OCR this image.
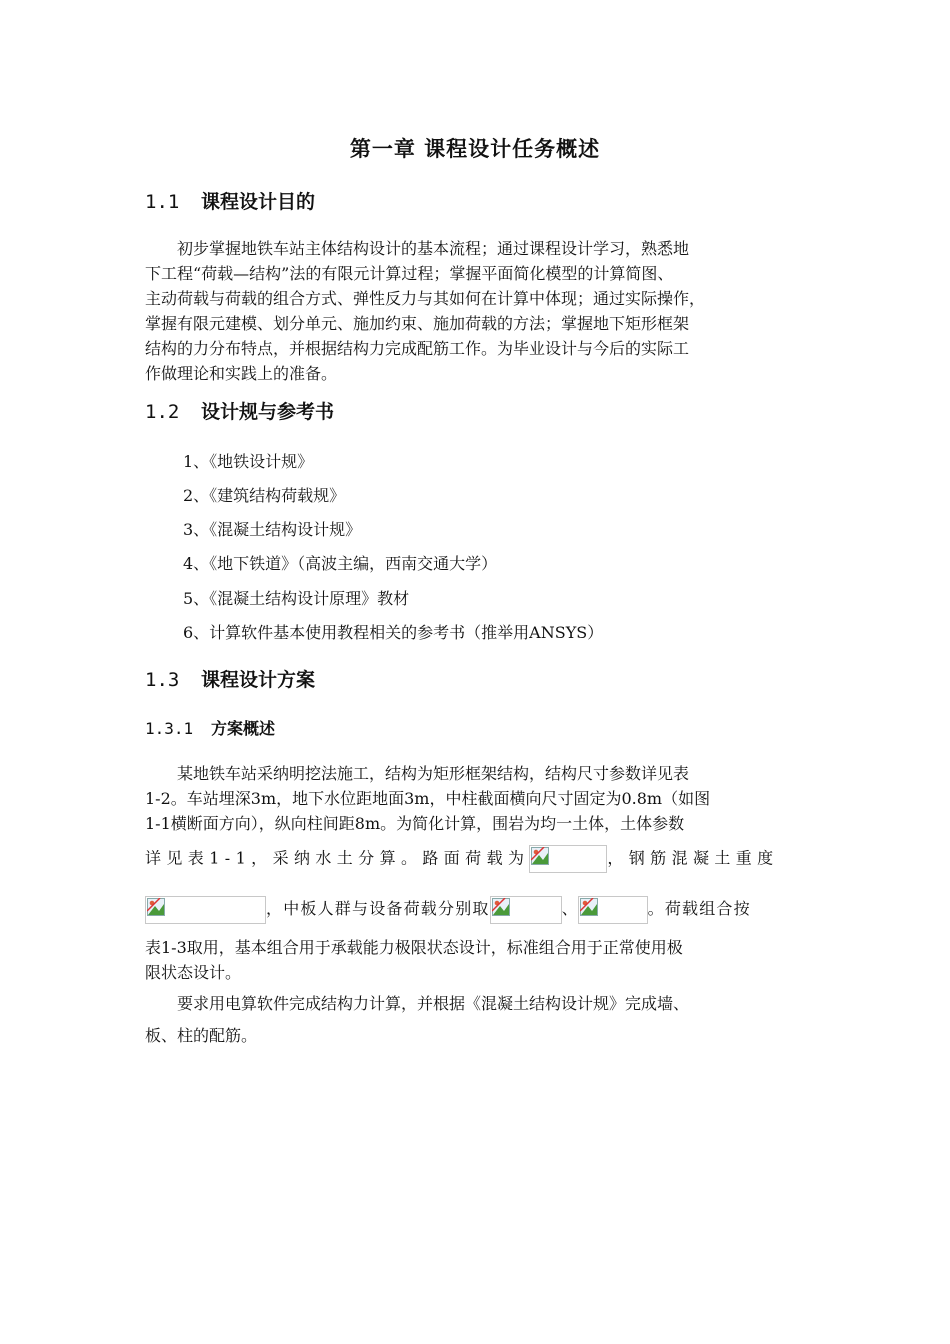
第一章 课程设计任务概述
1.1 课程设计目的
　　初步掌握地铁车站主体结构设计的基本流程；通过课程设计学习，熟悉地
下工程“荷载—结构”法的有限元计算过程；掌握平面简化模型的计算简图、
主动荷载与荷载的组合方式、弹性反力与其如何在计算中体现；通过实际操作，
掌握有限元建模、划分单元、施加约束、施加荷载的方法；掌握地下矩形框架
结构的力分布特点，并根据结构力完成配筋工作。为毕业设计与今后的实际工
作做理论和实践上的准备。
1.2 设计规与参考书
1、《地铁设计规》
2、《建筑结构荷载规》
3、《混凝土结构设计规》
4、《地下铁道》（高波主编，西南交通大学）
5、《混凝土结构设计原理》教材
6、计算软件基本使用教程相关的参考书（推举用ANSYS）
1.3 课程设计方案
1.3.1 方案概述
　　某地铁车站采纳明挖法施工，结构为矩形框架结构，结构尺寸参数详见表
1-2。车站埋深3m，地下水位距地面3m，中柱截面横向尺寸固定为0.8m（如图
1-1横断面方向），纵向柱间距8m。为简化计算，围岩为均一土体，土体参数
详见表1-1，采纳水土分算。路面荷载为	，钢筋混凝土重度
，中板人群与设备荷载分别取	、	。荷载组合按
表1-3取用，基本组合用于承载能力极限状态设计，标准组合用于正常使用极
限状态设计。
　　要求用电算软件完成结构力计算，并根据《混凝土结构设计规》完成墙、
板、柱的配筋。
